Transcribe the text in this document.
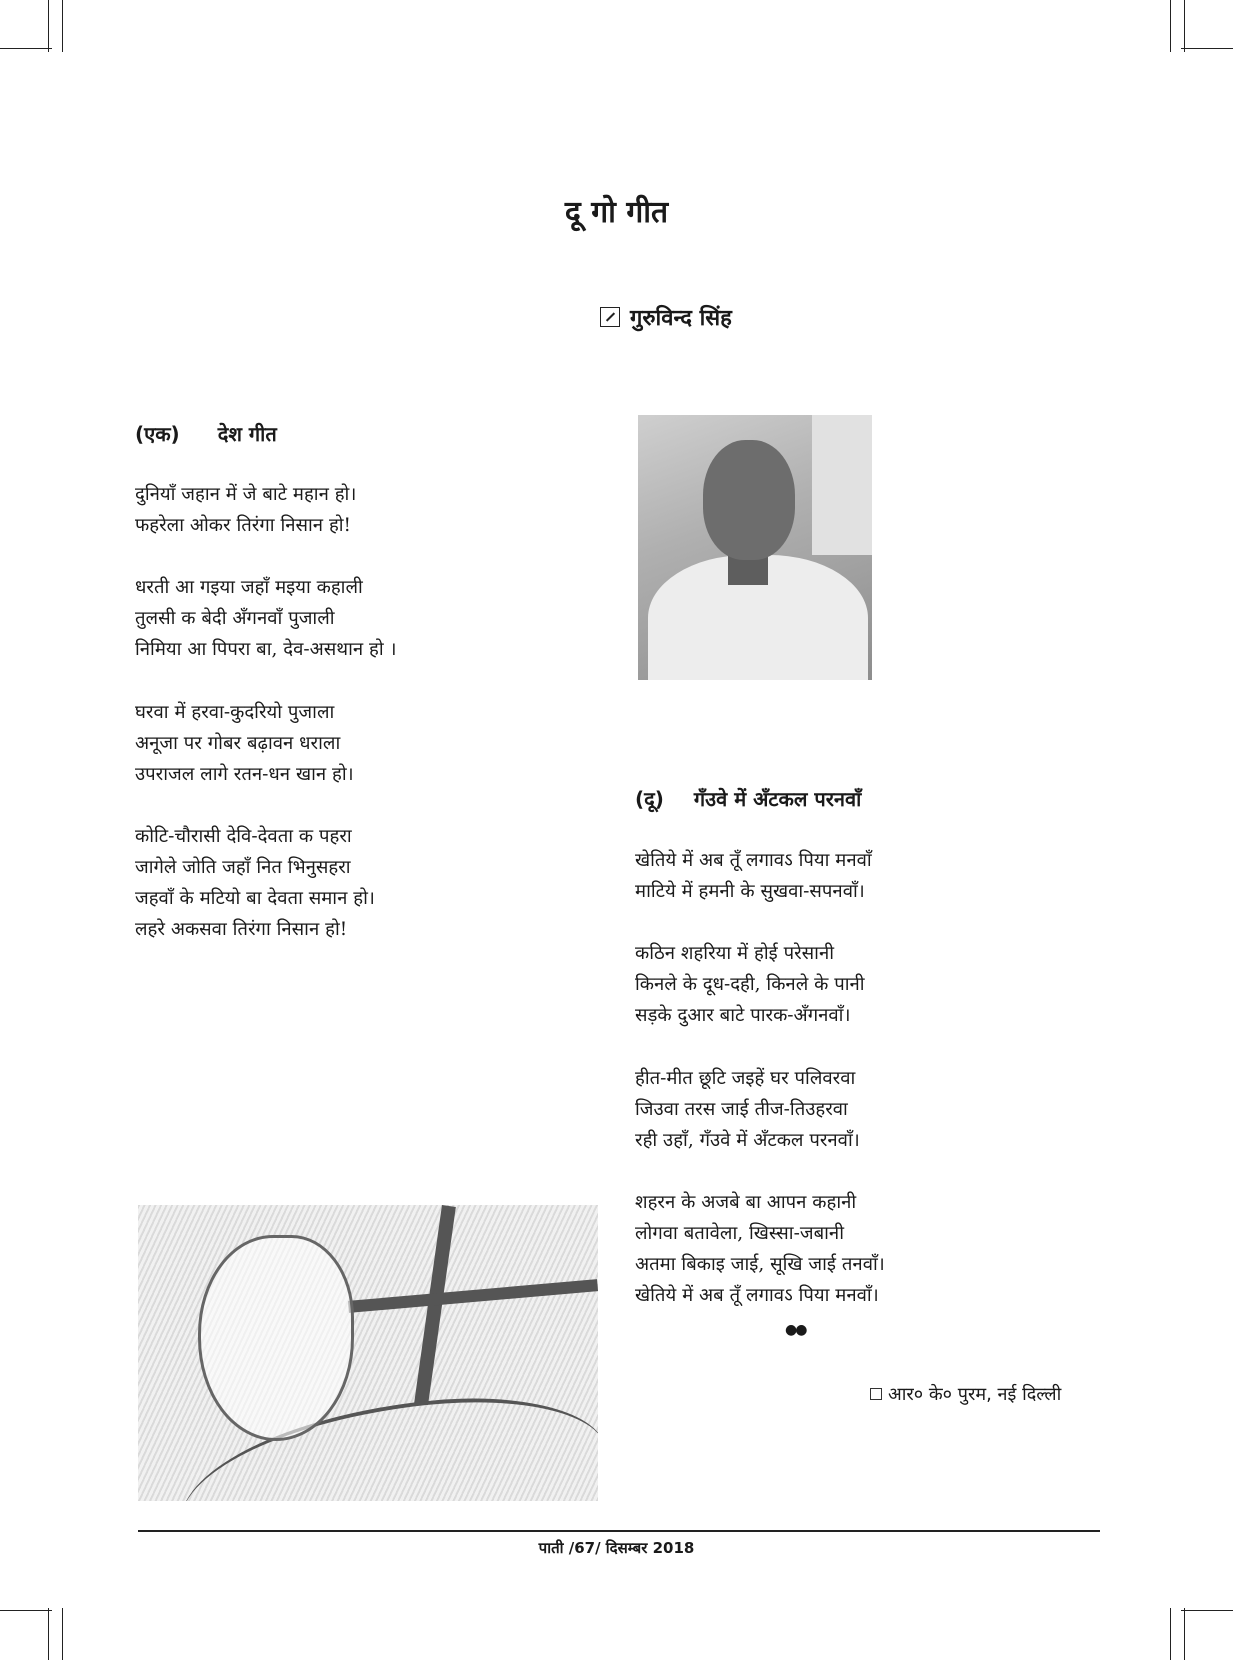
दू गो गीत
गुरुविन्द सिंह
(एक) देश गीत
दुनियाँ जहान में जे बाटे महान हो।
फहरेला ओकर तिरंगा निसान हो!
धरती आ गइया जहाँ मइया कहाली
तुलसी क बेदी अँगनवाँ पुजाली
निमिया आ पिपरा बा, देव-असथान हो ।
घरवा में हरवा-कुदरियो पुजाला
अनूजा पर गोबर बढ़ावन धराला
उपराजल लागे रतन-धन खान हो।
कोटि-चौरासी देवि-देवता क पहरा
जागेले जोति जहाँ नित भिनुसहरा
जहवाँ के मटियो बा देवता समान हो।
लहरे अकसवा तिरंगा निसान हो!
(दू) गँउवे में अँटकल परनवाँ
खेतिये में अब तूँ लगावऽ पिया मनवाँ
माटिये में हमनी के सुखवा-सपनवाँ।
कठिन शहरिया में होई परेसानी
किनले के दूध-दही, किनले के पानी
सड़के दुआर बाटे पारक-अँगनवाँ।
हीत-मीत छूटि जइहें घर पलिवरवा
जिउवा तरस जाई तीज-तिउहरवा
रही उहाँ, गँउवे में अँटकल परनवाँ।
शहरन के अजबे बा आपन कहानी
लोगवा बतावेला, खिस्सा-जबानी
अतमा बिकाइ जाई, सूखि जाई तनवाँ।
खेतिये में अब तूँ लगावऽ पिया मनवाँ।
●●
आर० के० पुरम, नई दिल्ली
पाती /67/ दिसम्बर 2018
